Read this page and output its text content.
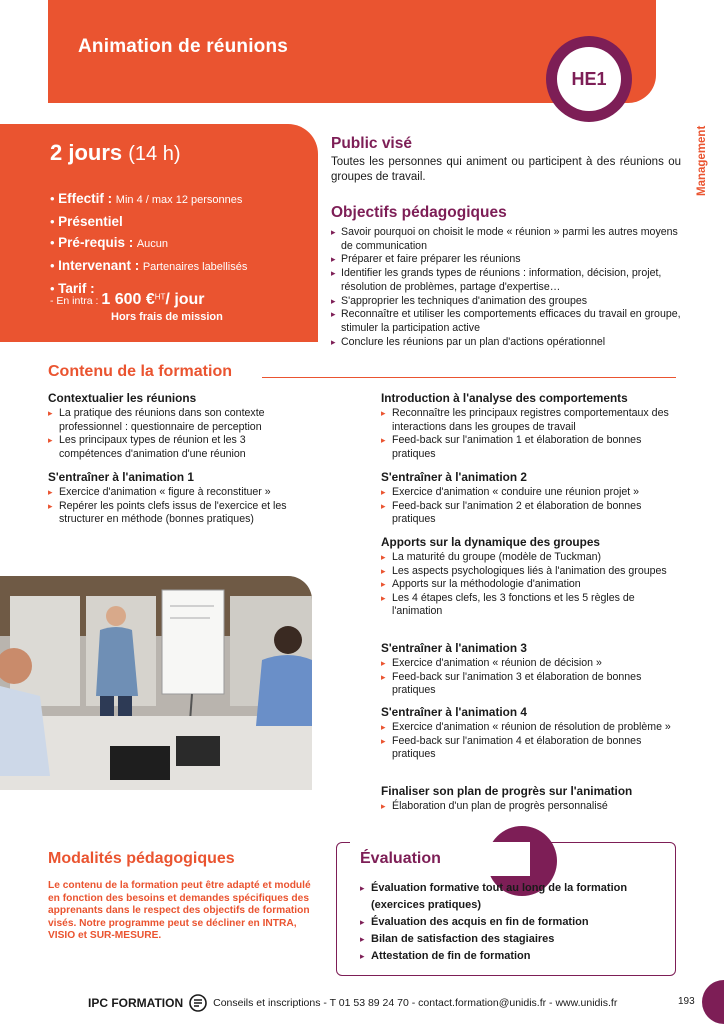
Animation de réunions
HE1
Management
2 jours (14 h)
• Effectif : Min 4 / max 12 personnes
• Présentiel
• Pré-requis : Aucun
• Intervenant : Partenaires labellisés
• Tarif :
- En intra : 1 600 €$^{HT}$/ jour
Hors frais de mission
Public visé

Toutes les personnes qui animent ou participent à des réunions ou groupes de travail.

Objectifs pédagogiques
▸ Savoir pourquoi on choisit le mode « réunion » parmi les autres moyens de communication
▸ Préparer et faire préparer les réunions
▸ Identifier les grands types de réunions : information, décision, projet, résolution de problèmes, partage d'expertise…
▸ S'approprier les techniques d'animation des groupes
▸ Reconnaître et utiliser les comportements efficaces du travail en groupe, stimuler la participation active
▸ Conclure les réunions par un plan d'actions opérationnel
Contenu de la formation
Contextualier les réunions
▸ La pratique des réunions dans son contexte professionnel : questionnaire de perception
▸ Les principaux types de réunion et les 3 compétences d'animation d'une réunion
S'entraîner à l'animation 1
▸ Exercice d'animation « figure à reconstituer »
▸ Repérer les points clefs issus de l'exercice et les structurer en méthode (bonnes pratiques)
Introduction à l'analyse des comportements
▸ Reconnaître les principaux registres comportementaux des interactions dans les groupes de travail
▸ Feed-back sur l'animation 1 et élaboration de bonnes pratiques
S'entraîner à l'animation 2
▸ Exercice d'animation « conduire une réunion projet »
▸ Feed-back sur l'animation 2 et élaboration de bonnes pratiques
Apports sur la dynamique des groupes
▸ La maturité du groupe (modèle de Tuckman)
▸ Les aspects psychologiques liés à l'animation des groupes
▸ Apports sur la méthodologie d'animation
▸ Les 4 étapes clefs, les 3 fonctions et les 5 règles de l'animation
S'entraîner à l'animation 3
▸ Exercice d'animation « réunion de décision »
▸ Feed-back sur l'animation 3 et élaboration de bonnes pratiques
S'entraîner à l'animation 4
▸ Exercice d'animation « réunion de résolution de problème »
▸ Feed-back sur l'animation 4 et élaboration de bonnes pratiques
Finaliser son plan de progrès sur l'animation
▸ Élaboration d'un plan de progrès personnalisé
Modalités pédagogiques

Le contenu de la formation peut être adapté et modulé en fonction des besoins et demandes spécifiques des apprenants dans le respect des objectifs de formation visés. Notre programme peut se décliner en INTRA, VISIO et SUR-MESURE.

Évaluation
▸ Évaluation formative tout au long de la formation (exercices pratiques)
▸ Évaluation des acquis en fin de formation
▸ Bilan de satisfaction des stagiaires
▸ Attestation de fin de formation
IPC FORMATION	Conseils et inscriptions - T 01 53 89 24 70 - contact.formation@unidis.fr - www.unidis.fr	193
